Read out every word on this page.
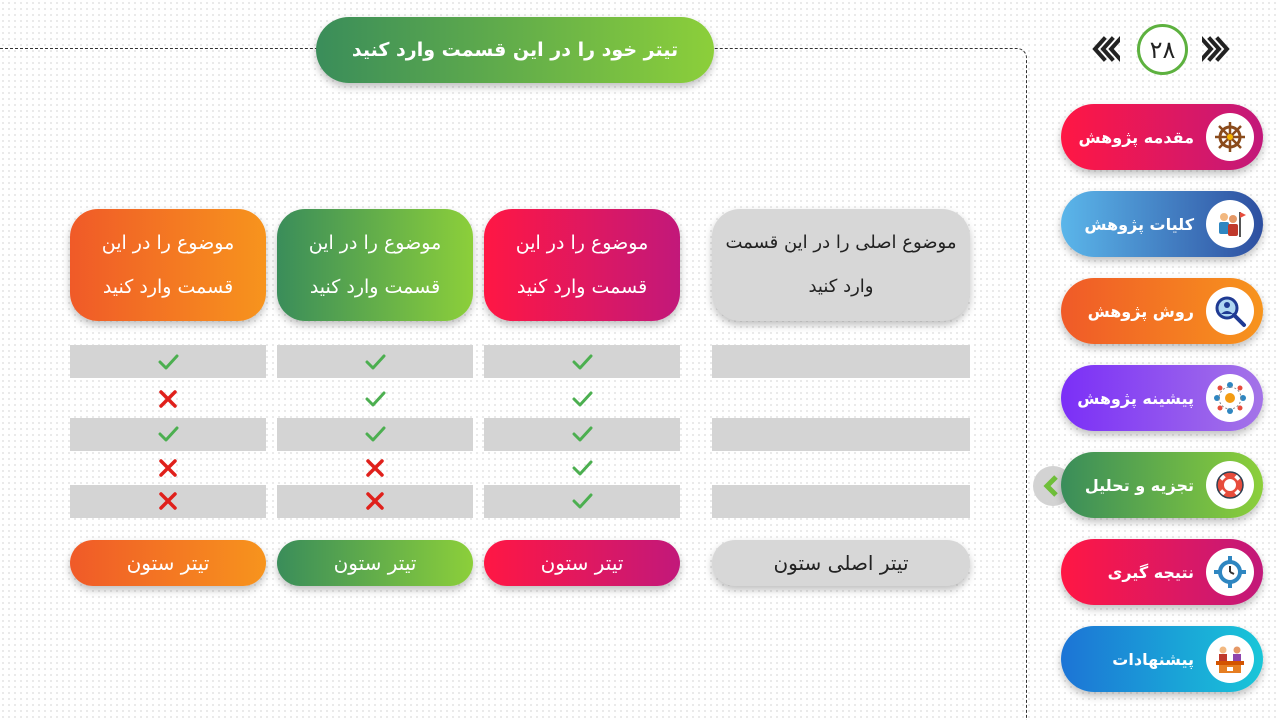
تیتر خود را در این قسمت وارد کنید	۲۸
مقدمه پژوهش
کلیات پژوهش
روش پژوهش
پیشینه پژوهش
تجزیه و تحلیل
نتیجه گیری
پیشنهادات
موضوع اصلی را در این قسمت وارد کنید
تیتر اصلی ستون
موضوع را در این قسمت وارد کنید
تیتر ستون
موضوع را در این قسمت وارد کنید
تیتر ستون
موضوع را در این قسمت وارد کنید
تیتر ستون
